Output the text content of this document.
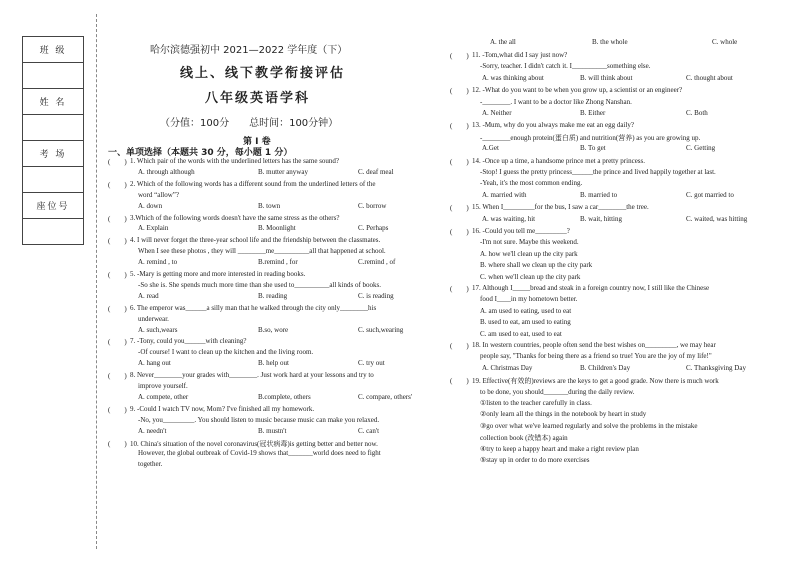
班 级

姓 名

考 场

座位号

哈尔滨德强初中 2021—2022 学年度（下）
线上、线下教学衔接评估
八年级英语学科
（分值：100分　　总时间：100分钟）
第 I 卷
一、单项选择（本题共 30 分，每小题 1 分）
(　　) 1. Which pair of the words with the underlined letters has the same sound?
A. through although	B. mutter anyway	C. deaf meal
(　　) 2. Which of the following words has a different sound from the underlined letters of the
word “allow”?
A. down	B. town	C. borrow
(　　) 3.Which of the following words doesn't have the same stress as the others?
A. Explain	B. Moonlight	C. Perhaps
(　　) 4. I will never forget the three-year school life and the friendship between the classmates.
When I see these photos , they will ________me__________all that happened at school.
A. remind , to	B.remind , for	C.remind , of
(　　) 5. -Mary is getting more and more interested in reading books.
-So she is. She spends much more time than she used to__________all kinds of books.
A. read	B. reading	C. is reading
(　　) 6. The emperor was______a silly man that he walked through the city only________his
underwear.
A. such,wears	B.so, wore	C. such,wearing
(　　) 7. -Tony, could you______with cleaning?
-Of course! I want to clean up the kitchen and the living room.
A. hang out	B. help out	C. try out
(　　) 8. Never________your grades with________. Just work hard at your lessons and try to
improve yourself.
A. compete, other	B.complete, others	C. compare, others'
(　　) 9. -Could I watch TV now, Mom? I've finished all my homework.
-No, you_________. You should listen to music because music can make you relaxed.
A. needn't	B. mustn't	C. can't
(　　) 10. China's situation of the novel coronavirus(冠状病毒)is getting better and better now.
However, the global outbreak of Covid-19 shows that_______world does need to fight
together.
A. the all	B. the whole	C. whole
(　　) 11. -Tom,what did I say just now?
-Sorry, teacher. I didn't catch it. I__________something else.
A. was thinking about	B. will think about	C. thought about
(　　) 12. -What do you want to be when you grow up, a scientist or an engineer?
-________. I want to be a doctor like Zhong Nanshan.
A. Neither	B. Either	C. Both
(　　) 13. -Mum, why do you always make me eat an egg daily?
-________enough protein(蛋白质) and nutrition(营养) as you are growing up.
A.Get	B. To get	C. Getting
(　　) 14. -Once up a time, a handsome prince met a pretty princess.
-Stop! I guess the pretty princess______the prince and lived happily together at last.
-Yeah, it's the most common ending.
A. married with	B. married to	C. got married to
(　　) 15. When I_________for the bus, I saw a car________the tree.
A. was waiting, hit	B. wait, hitting	C. waited, was hitting
(　　) 16. -Could you tell me_________?
-I'm not sure. Maybe this weekend.
A. how we'll clean up the city park
B. where shall we clean up the city park
C. when we'll clean up the city park
(　　) 17. Although I_____bread and steak in a foreign country now, I still like the Chinese
food I____in my hometown better.
A. am used to eating, used to eat
B. used to eat, am used to eating
C. am used to eat, used to eat
(　　) 18. In western countries, people often send the best wishes on_________, we may hear
people say, "Thanks for being there as a friend so true! You are the joy of my life!"
A. Christmas Day	B. Children's Day	C. Thanksgiving Day
(　　) 19. Effective(有效的)reviews are the keys to get a good grade. Now there is much work
to be done, you should_______during the daily review.
①listen to the teacher carefully in class.
②only learn all the things in the notebook by heart in study
③go over what we've learned regularly and solve the problems in the mistake
collection book (改错本) again
④try to keep a happy heart and make a right review plan
⑤stay up in order to do more exercises
